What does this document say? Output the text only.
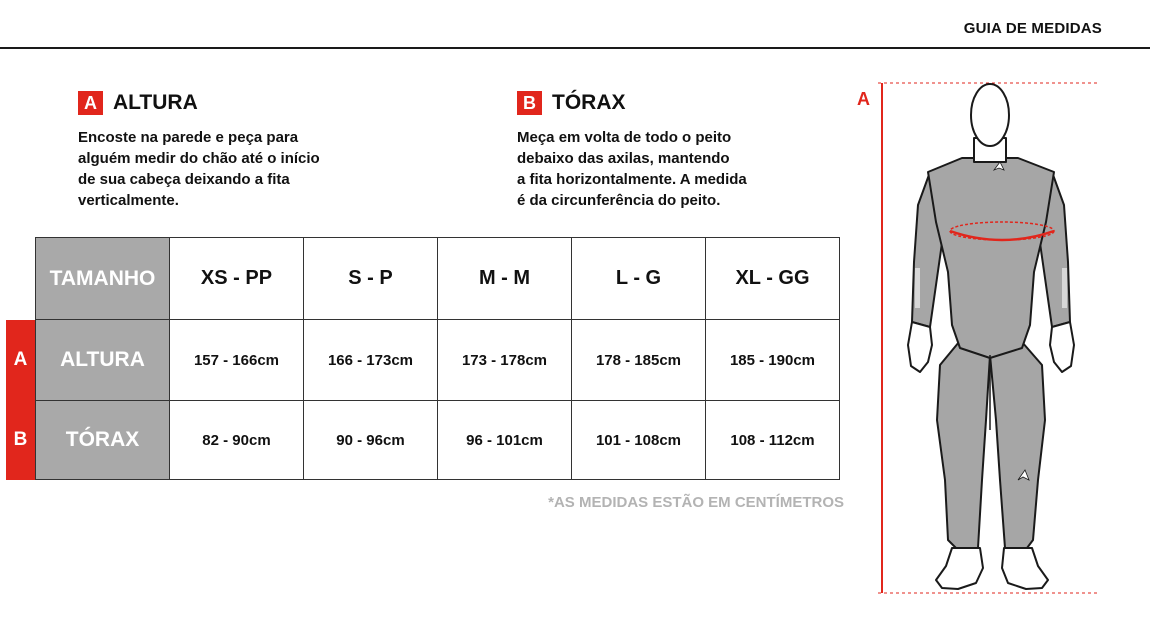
GUIA DE MEDIDAS
A ALTURA
Encoste na parede e peça para
alguém medir do chão até o início
de sua cabeça deixando a fita
verticalmente.
B TÓRAX
Meça em volta de todo o peito
debaixo das axilas, mantendo
a fita horizontalmente. A medida
é da circunferência do peito.
	TAMANHO	XS - PP	S - P	M - M	L - G	XL - GG
A	ALTURA	157 - 166cm	166 - 173cm	173 - 178cm	178 - 185cm	185 - 190cm
B	TÓRAX	82 - 90cm	90 - 96cm	96 - 101cm	101 - 108cm	108 - 112cm
*AS MEDIDAS ESTÃO EM CENTÍMETROS
A
